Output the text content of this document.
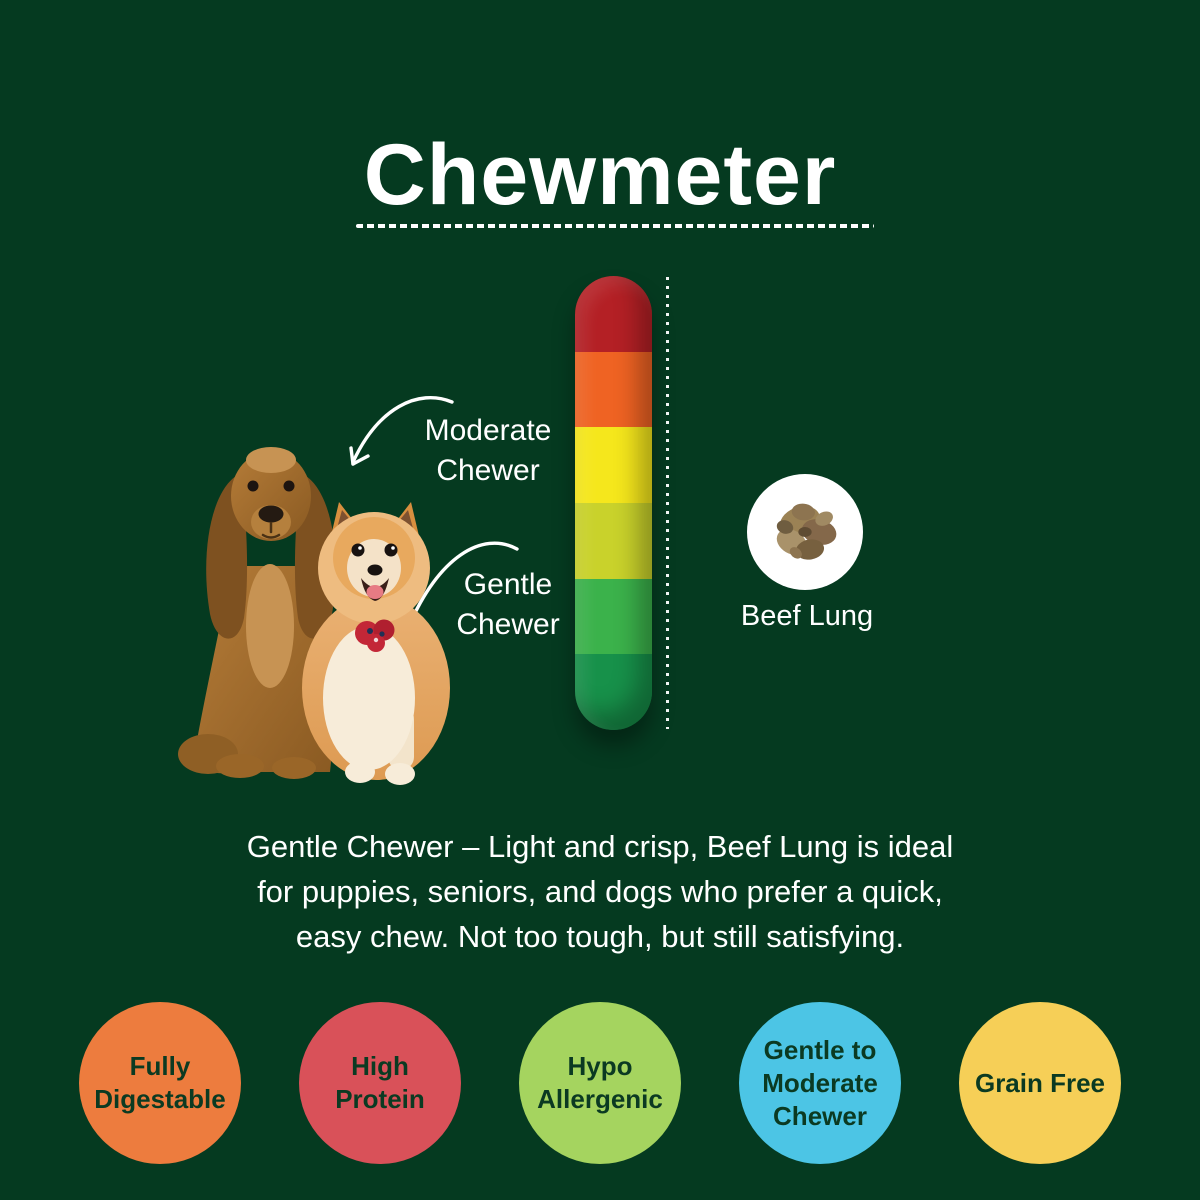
Chewmeter
Moderate Chewer
Gentle Chewer	Beef Lung
Gentle Chewer – Light and crisp, Beef Lung is ideal
for puppies, seniors, and dogs who prefer a quick,
easy chew. Not too tough, but still satisfying.
Fully Digestable
High Protein
Hypo Allergenic
Gentle to Moderate Chewer
Grain Free
